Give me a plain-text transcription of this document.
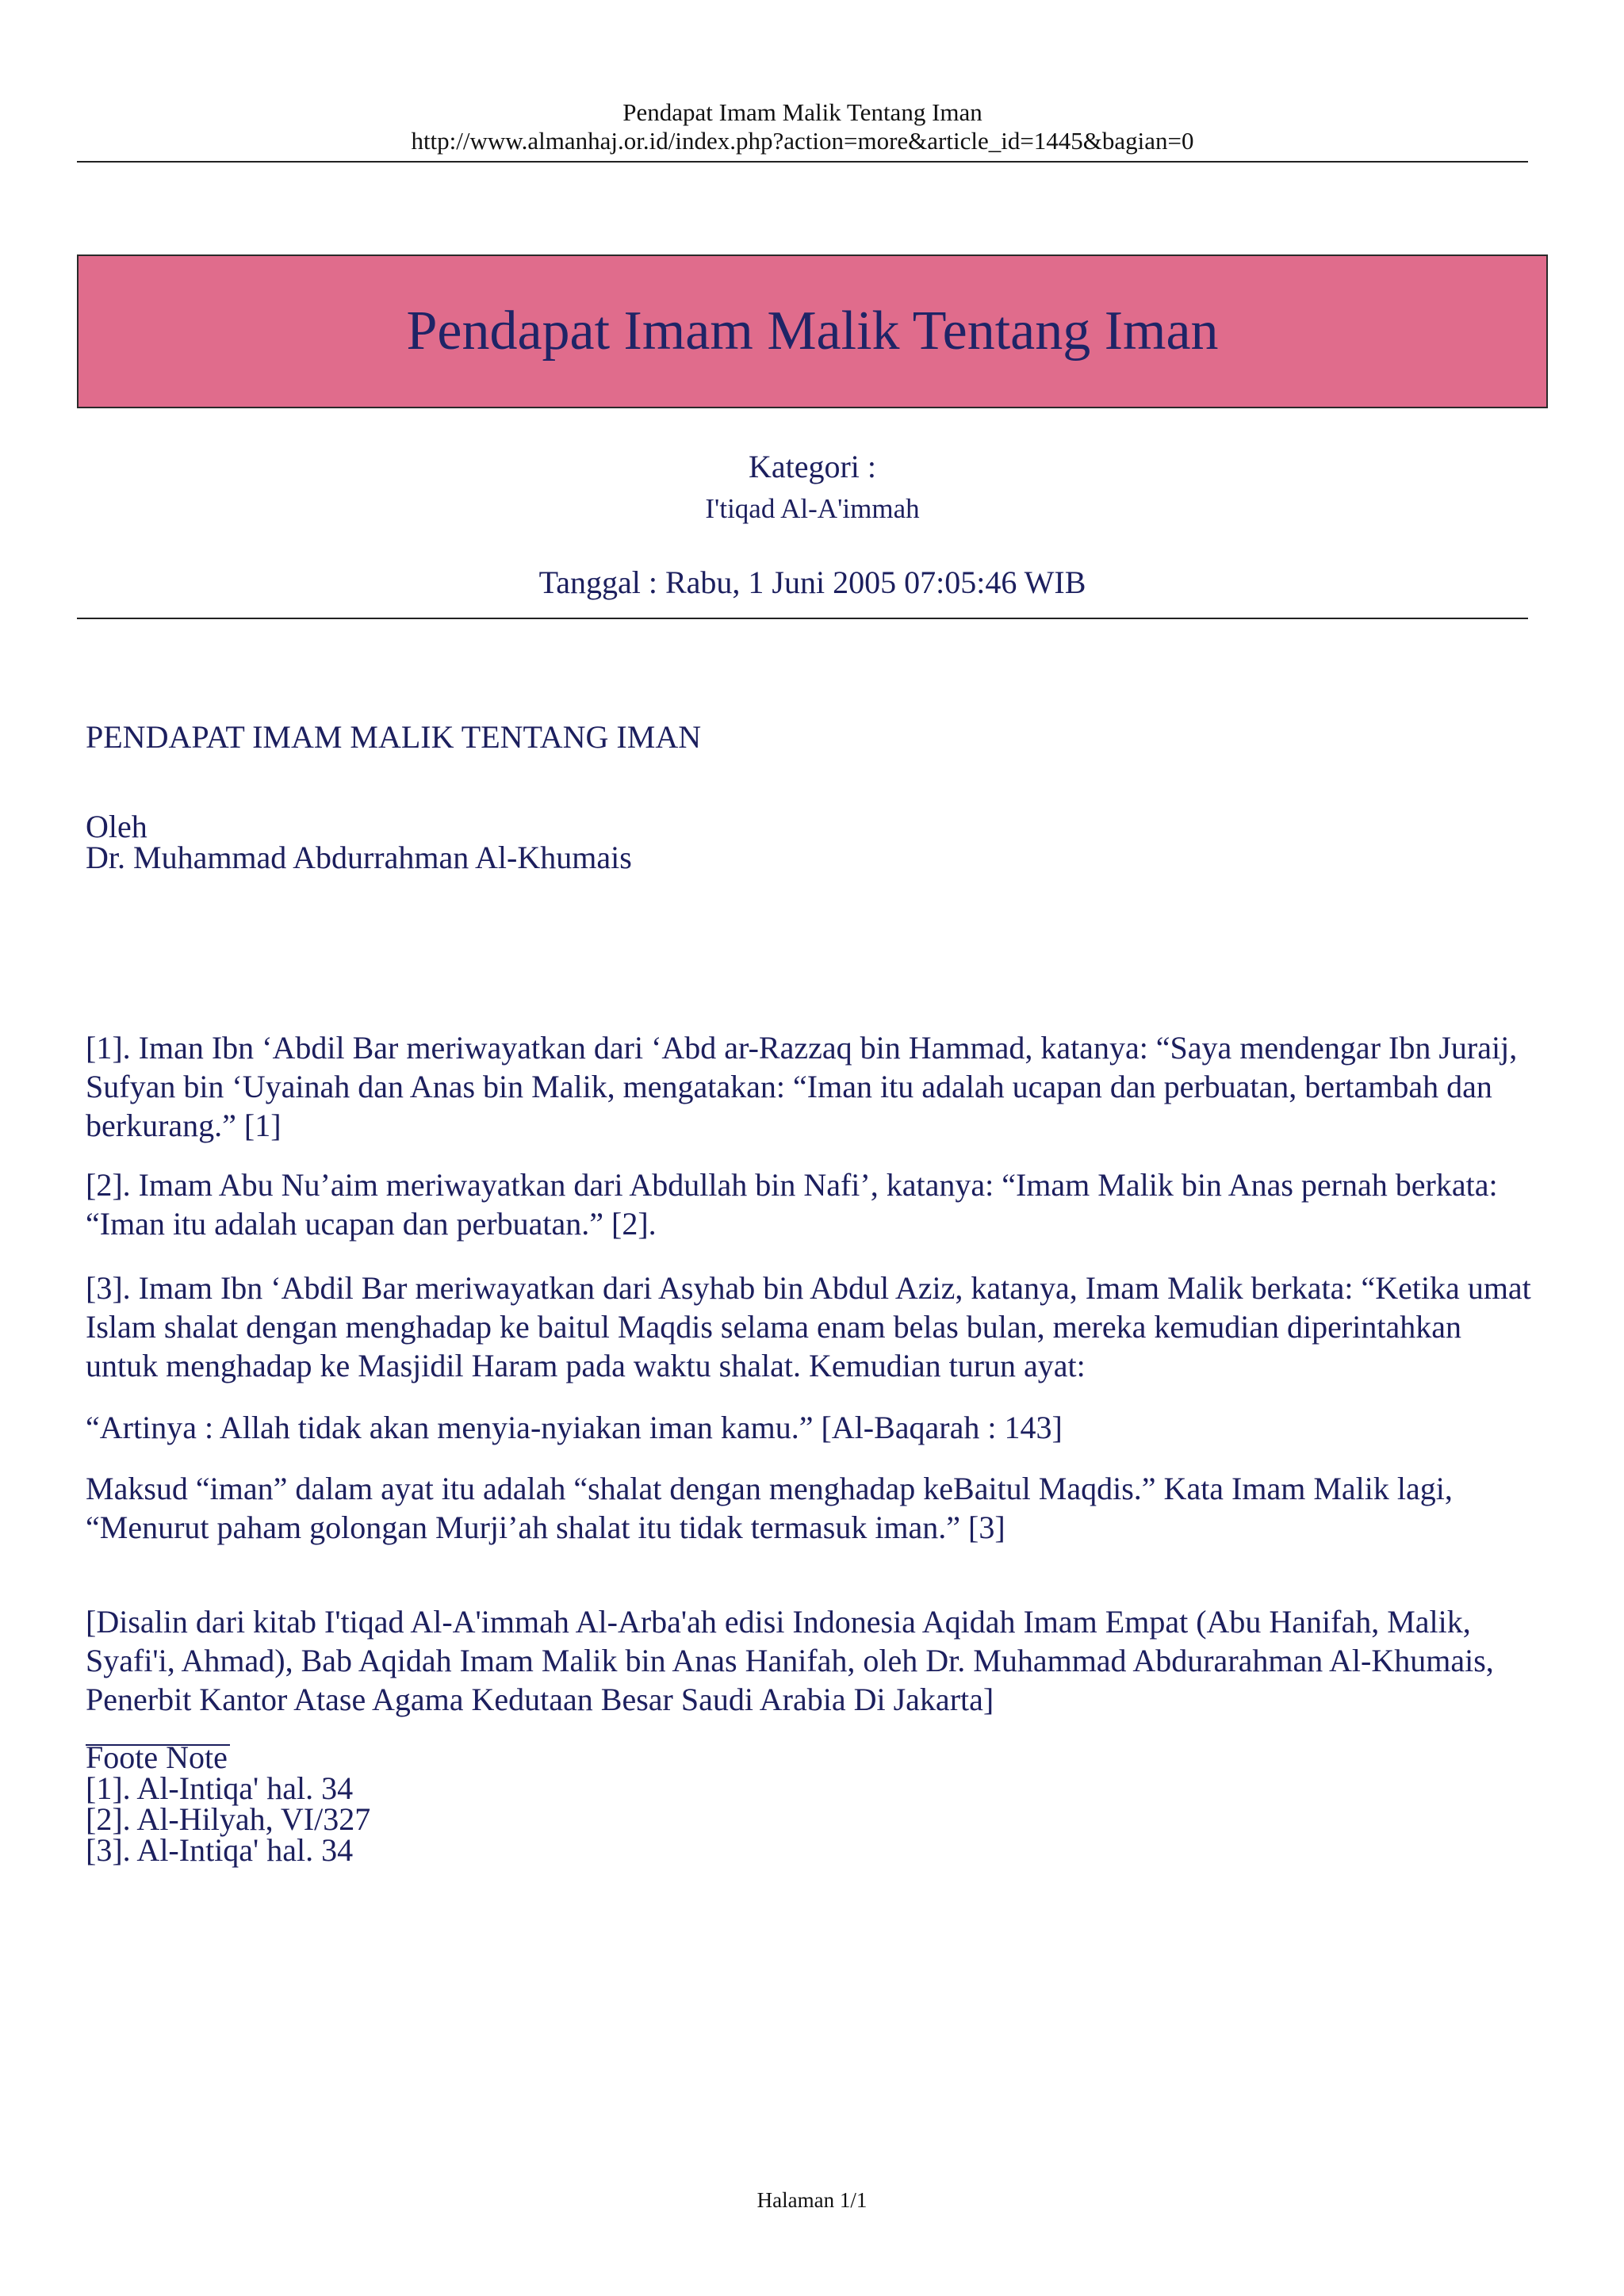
Pendapat Imam Malik Tentang Iman
http://www.almanhaj.or.id/index.php?action=more&article_id=1445&bagian=0
Pendapat Imam Malik Tentang Iman
Kategori :
I'tiqad Al-A'immah
Tanggal : Rabu, 1 Juni 2005 07:05:46 WIB
PENDAPAT IMAM MALIK TENTANG IMAN
Oleh
Dr. Muhammad Abdurrahman Al-Khumais

[1]. Iman Ibn ‘Abdil Bar meriwayatkan dari ‘Abd ar-Razzaq bin Hammad, katanya: “Saya mendengar Ibn Juraij, Sufyan bin ‘Uyainah dan Anas bin Malik, mengatakan: “Iman itu adalah ucapan dan perbuatan, bertambah dan berkurang.” [1]

[2]. Imam Abu Nu’aim meriwayatkan dari Abdullah bin Nafi’, katanya: “Imam Malik bin Anas pernah berkata: “Iman itu adalah ucapan dan perbuatan.” [2].

[3]. Imam Ibn ‘Abdil Bar meriwayatkan dari Asyhab bin Abdul Aziz, katanya, Imam Malik berkata: “Ketika umat Islam shalat dengan menghadap ke baitul Maqdis selama enam belas bulan, mereka kemudian diperintahkan untuk menghadap ke Masjidil Haram pada waktu shalat. Kemudian turun ayat:

“Artinya : Allah tidak akan menyia-nyiakan iman kamu.” [Al-Baqarah : 143]

Maksud “iman” dalam ayat itu adalah “shalat dengan menghadap keBaitul Maqdis.” Kata Imam Malik lagi, “Menurut paham golongan Murji’ah shalat itu tidak termasuk iman.” [3]

[Disalin dari kitab I'tiqad Al-A'immah Al-Arba'ah edisi Indonesia Aqidah Imam Empat (Abu Hanifah, Malik, Syafi'i, Ahmad), Bab Aqidah Imam Malik bin Anas Hanifah, oleh Dr. Muhammad Abdurarahman Al-Khumais, Penerbit Kantor Atase Agama Kedutaan Besar Saudi Arabia Di Jakarta]

Foote Note
[1]. Al-Intiqa' hal. 34
[2]. Al-Hilyah, VI/327
[3]. Al-Intiqa' hal. 34
Halaman 1/1
